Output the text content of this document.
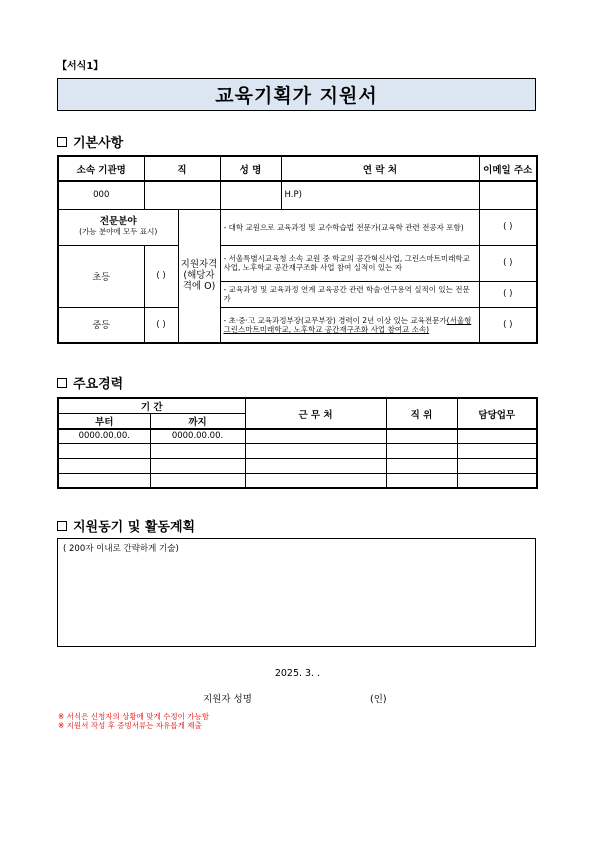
【서식1】
교육기획가 지원서
기본사항
소속 기관명	직		성 명	연 락 처	이메일 주소
000				H.P)	

전문분야
(가능 분야에 모두 표시)		지원자격 (해당자격에 O)	- 대학 교원으로 교육과정 및 교수학습법 전문가(교육학 관련 전공자 포함)		( )
초등	( )		- 서울특별시교육청 소속 교원 중 학교의 공간혁신사업, 그린스마트미래학교 사업, 노후학교 공간재구조화 사업 참여 실적이 있는 자		( )
			- 교육과정 및 교육과정 연계 교육공간 관련 학술·연구용역 실적이 있는 전문가		( )
중등	( )		- 초·중·고 교육과정부장(교무부장) 경력이 2년 이상 있는 교육전문가(서울형 그린스마트미래학교, 노후학교 공간재구조화 사업 참여교 소속)		( )
주요경력
기 간		근 무 처	직 위	담당업무
부터	까지			
0000.00.00.	0000.00.00.			

지원동기 및 활동계획
( 200자 이내로 간략하게 기술)
2025. 3. .
지원자 성명	(인)
※ 서식은 신청자의 상황에 맞게 수정이 가능함
※ 지원서 작성 후 증빙서류는 자유롭게 제출
